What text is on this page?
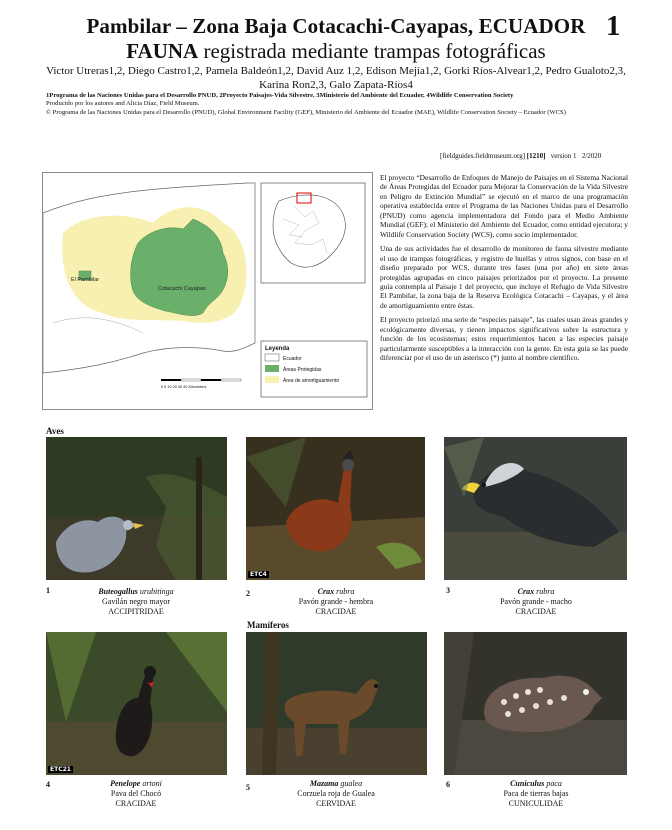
Pambilar – Zona Baja Cotacachi-Cayapas, ECUADOR 1
FAUNA registrada mediante trampas fotográficas
Victor Utreras1,2, Diego Castro1,2, Pamela Baldeón1,2, David Auz 1,2, Edison Mejía1,2, Gorki Ríos-Alvear1,2, Pedro Gualoto2,3,
Karina Ron2,3, Galo Zapata-Ríos4
1Programa de las Naciones Unidas para el Desarrollo PNUD, 2Proyecto Paisajes-Vida Silvestre, 3Ministerio del Ambiente del Ecuador, 4Wildlife Conservation Society
Producido por los autores and Alicia Díaz, Field Museum.
© Programa de las Naciones Unidas para el Desarrollo (PNUD), Global Environment Facility (GEF), Ministerio del Ambiente del Ecuador (MAE), Wildlife Conservation Society – Ecuador (WCS)
[fieldguides.fieldmuseum.org] [1210] version 1 2/2020
El Pambilar
Cotacachi Cayapas
Leyenda
Ecuador
Áreas Protegidas
Área de amortiguamiento
0 5 10 20 30 40 Kilometers

El proyecto “Desarrollo de Enfoques de Manejo de Paisajes en el Sistema Nacional de Áreas Protegidas del Ecuador para Mejorar la Conservación de la Vida Silvestre en Peligro de Extinción Mundial” se ejecutó en el marco de una programación operativa establecida entre el Programa de las Naciones Unidas para el Desarrollo (PNUD) como agencia implementadora del Fondo para el Medio Ambiente Mundial (GEF); el Ministerio del Ambiente del Ecuador, como entidad ejecutora; y Wildlife Conservation Society (WCS), como socio implementador.

Una de sus actividades fue el desarrollo de monitoreo de fauna silvestre mediante el uso de trampas fotográficas, y registro de huellas y otros signos, con base en el diseño preparado por WCS, durante tres fases (una por año) en siete áreas protegidas agrupadas en cinco paisajes priorizados por el proyecto. La presente guía contempla al Paisaje 1 del proyecto, que incluye el Refugio de Vida Silvestre El Pambilar, la zona baja de la Reserva Ecológica Cotacachi – Cayapas, y el área de amortiguamiento entre éstas.

El proyecto priorizó una serie de “especies paisaje”, las cuales usan áreas grandes y ecológicamente diversas, y tienen impactos significativos sobre la estructura y función de los ecosistemas; estos requerimientos hacen a las especies paisaje particularmente susceptibles a la interacción con la gente. En esta guía se las puede diferenciar por el uso de un asterisco (*) junto al nombre científico.

Aves
Mamíferos
ETC4
ETC21
1	Buteogallus urubitinga
Gavilán negro mayor
ACCIPITRIDAE
2	Crax rubra
Pavón grande - hembra
CRACIDAE
3	Crax rubra
Pavón grande - macho
CRACIDAE
4	Penelope ortoni
Pava del Chocó
CRACIDAE
5	Mazama gualea
Corzuela roja de Gualea
CERVIDAE
6	Cuniculus paca
Paca de tierras bajas
CUNICULIDAE
